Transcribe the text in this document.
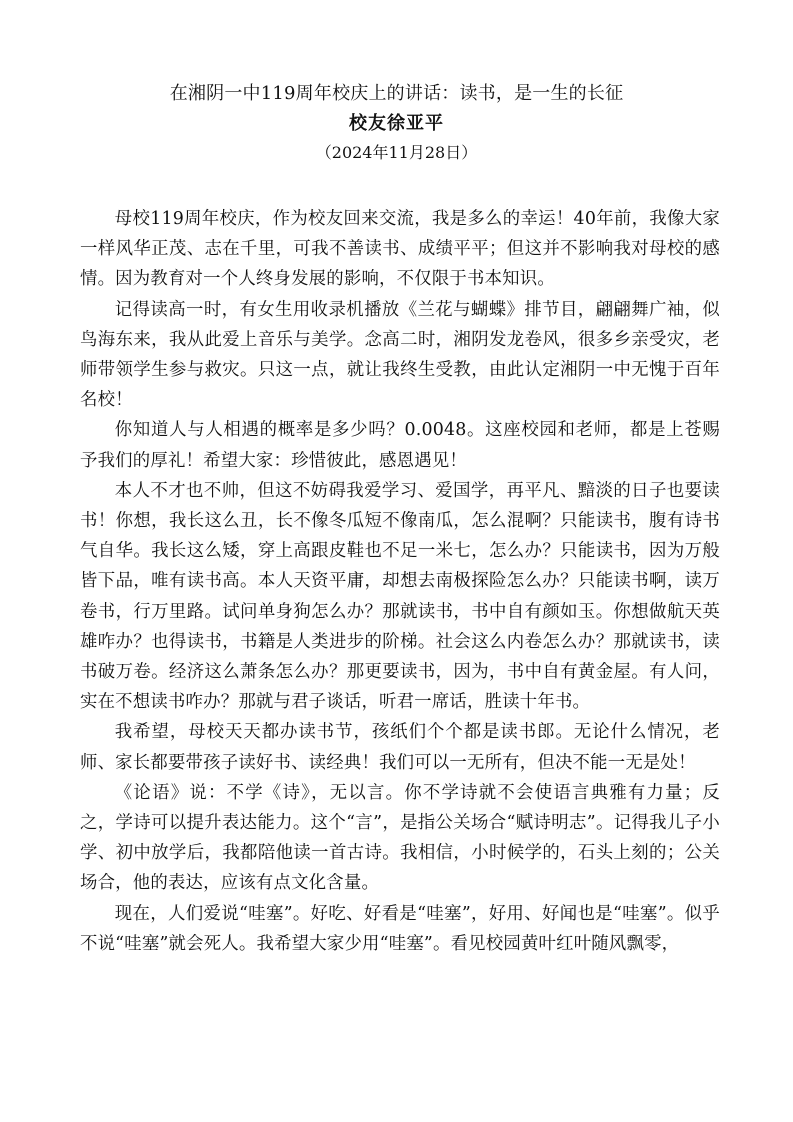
在湘阴一中119周年校庆上的讲话：读书，是一生的长征
校友徐亚平
（2024年11月28日）

母校119周年校庆，作为校友回来交流，我是多么的幸运！40年前，我像大家一样风华正茂、志在千里，可我不善读书、成绩平平；但这并不影响我对母校的感情。因为教育对一个人终身发展的影响，不仅限于书本知识。

记得读高一时，有女生用收录机播放《兰花与蝴蝶》排节目，翩翩舞广袖，似鸟海东来，我从此爱上音乐与美学。念高二时，湘阴发龙卷风，很多乡亲受灾，老师带领学生参与救灾。只这一点，就让我终生受教，由此认定湘阴一中无愧于百年名校！

你知道人与人相遇的概率是多少吗？0.0048。这座校园和老师，都是上苍赐予我们的厚礼！希望大家：珍惜彼此，感恩遇见！

本人不才也不帅，但这不妨碍我爱学习、爱国学，再平凡、黯淡的日子也要读书！你想，我长这么丑，长不像冬瓜短不像南瓜，怎么混啊？只能读书，腹有诗书气自华。我长这么矮，穿上高跟皮鞋也不足一米七，怎么办？只能读书，因为万般皆下品，唯有读书高。本人天资平庸，却想去南极探险怎么办？只能读书啊，读万卷书，行万里路。试问单身狗怎么办？那就读书，书中自有颜如玉。你想做航天英雄咋办？也得读书，书籍是人类进步的阶梯。社会这么内卷怎么办？那就读书，读书破万卷。经济这么萧条怎么办？那更要读书，因为，书中自有黄金屋。有人问，实在不想读书咋办？那就与君子谈话，听君一席话，胜读十年书。

我希望，母校天天都办读书节，孩纸们个个都是读书郎。无论什么情况，老师、家长都要带孩子读好书、读经典！我们可以一无所有，但决不能一无是处！

《论语》说：不学《诗》，无以言。你不学诗就不会使语言典雅有力量；反之，学诗可以提升表达能力。这个“言”，是指公关场合“赋诗明志”。记得我儿子小学、初中放学后，我都陪他读一首古诗。我相信，小时候学的，石头上刻的；公关场合，他的表达，应该有点文化含量。

现在，人们爱说“哇塞”。好吃、好看是“哇塞”，好用、好闻也是“哇塞”。似乎不说“哇塞”就会死人。我希望大家少用“哇塞”。看见校园黄叶红叶随风飘零，
